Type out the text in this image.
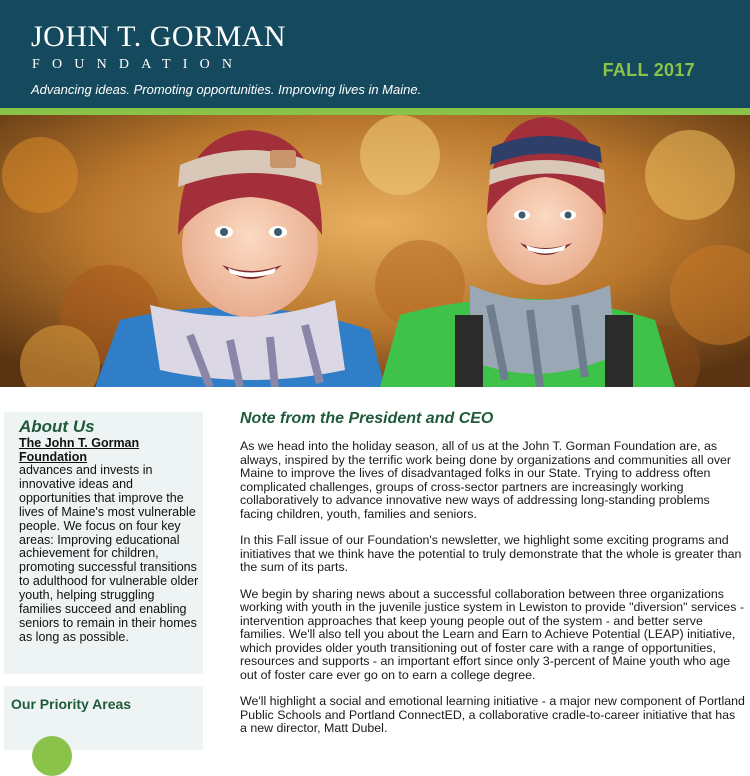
JOHN T. GORMAN
FOUNDATION
Advancing ideas. Promoting opportunities. Improving lives in Maine.
FALL 2017
About Us
The John T. Gorman Foundation

advances and invests in innovative ideas and opportunities that improve the lives of Maine's most vulnerable people. We focus on four key areas: Improving educational achievement for children, promoting successful transitions to adulthood for vulnerable older youth, helping struggling families succeed and enabling seniors to remain in their homes as long as possible.

Our Priority Areas
Note from the President and CEO

As we head into the holiday season, all of us at the John T. Gorman Foundation are, as always, inspired by the terrific work being done by organizations and communities all over Maine to improve the lives of disadvantaged folks in our State. Trying to address often complicated challenges, groups of cross-sector partners are increasingly working collaboratively to advance innovative new ways of addressing long-standing problems facing children, youth, families and seniors.

In this Fall issue of our Foundation's newsletter, we highlight some exciting programs and initiatives that we think have the potential to truly demonstrate that the whole is greater than the sum of its parts.

We begin by sharing news about a successful collaboration between three organizations working with youth in the juvenile justice system in Lewiston to provide "diversion" services - intervention approaches that keep young people out of the system - and better serve families. We'll also tell you about the Learn and Earn to Achieve Potential (LEAP) initiative, which provides older youth transitioning out of foster care with a range of opportunities, resources and supports - an important effort since only 3-percent of Maine youth who age out of foster care ever go on to earn a college degree.

We'll highlight a social and emotional learning initiative - a major new component of Portland Public Schools and Portland ConnectED, a collaborative cradle-to-career initiative that has a new director, Matt Dubel.
